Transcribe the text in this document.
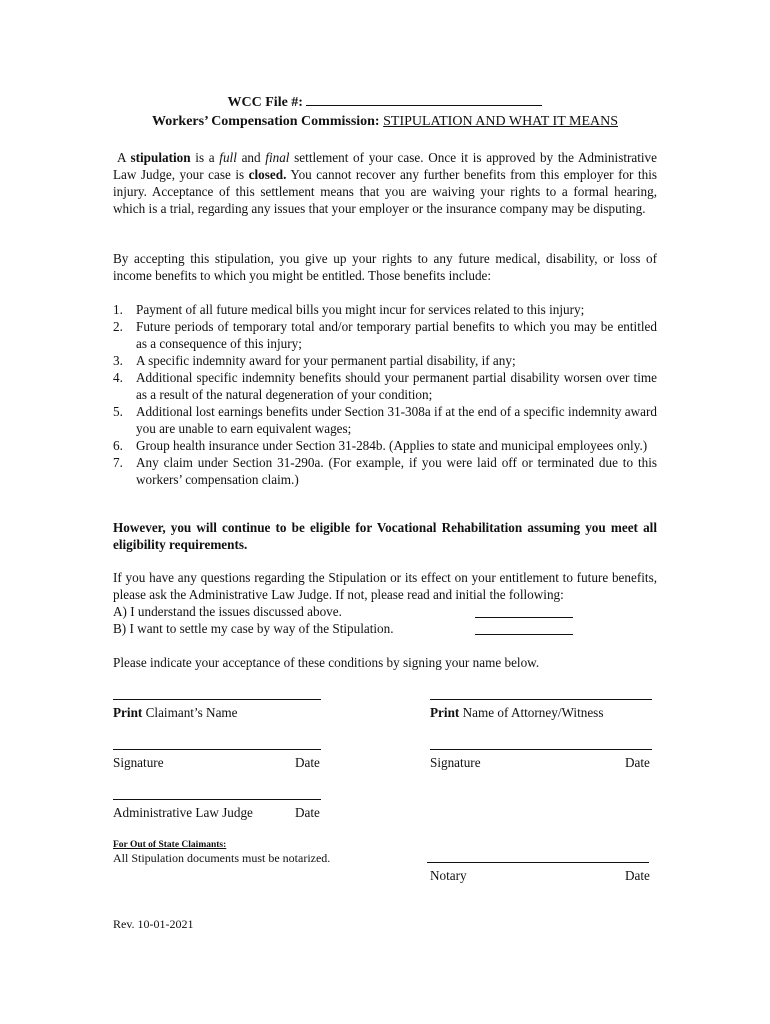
WCC File #:
Workers’ Compensation Commission: STIPULATION AND WHAT IT MEANS
A stipulation is a full and final settlement of your case. Once it is approved by the Administrative Law Judge, your case is closed. You cannot recover any further benefits from this employer for this injury. Acceptance of this settlement means that you are waiving your rights to a formal hearing, which is a trial, regarding any issues that your employer or the insurance company may be disputing.
By accepting this stipulation, you give up your rights to any future medical, disability, or loss of income benefits to which you might be entitled. Those benefits include:
1. Payment of all future medical bills you might incur for services related to this injury;
2. Future periods of temporary total and/or temporary partial benefits to which you may be entitled as a consequence of this injury;
3. A specific indemnity award for your permanent partial disability, if any;
4. Additional specific indemnity benefits should your permanent partial disability worsen over time as a result of the natural degeneration of your condition;
5. Additional lost earnings benefits under Section 31-308a if at the end of a specific indemnity award you are unable to earn equivalent wages;
6. Group health insurance under Section 31-284b. (Applies to state and municipal employees only.)
7. Any claim under Section 31-290a. (For example, if you were laid off or terminated due to this workers’ compensation claim.)
However, you will continue to be eligible for Vocational Rehabilitation assuming you meet all eligibility requirements.
If you have any questions regarding the Stipulation or its effect on your entitlement to future benefits, please ask the Administrative Law Judge. If not, please read and initial the following:
A) I understand the issues discussed above.
B) I want to settle my case by way of the Stipulation.
Please indicate your acceptance of these conditions by signing your name below.
Print Claimant’s Name	Print Name of Attorney/Witness
Signature	Date	Signature	Date
Administrative Law Judge	Date
For Out of State Claimants:
All Stipulation documents must be notarized.
Notary	Date
Rev. 10-01-2021
